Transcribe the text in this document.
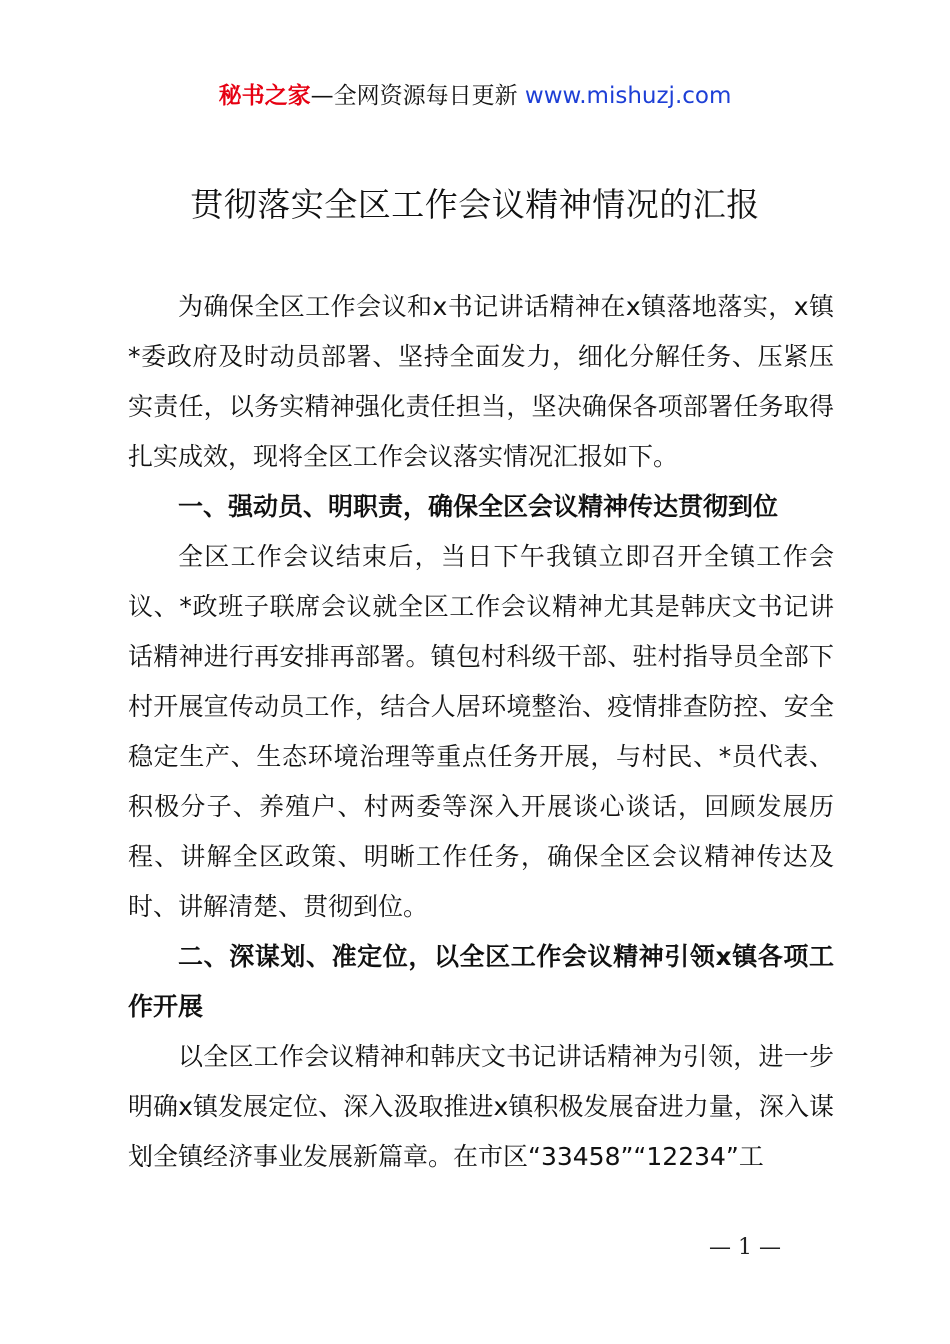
秘书之家—全网资源每日更新 www.mishuzj.com
贯彻落实全区工作会议精神情况的汇报

为确保全区工作会议和x书记讲话精神在x镇落地落实，x镇*委政府及时动员部署、坚持全面发力，细化分解任务、压紧压实责任，以务实精神强化责任担当，坚决确保各项部署任务取得扎实成效，现将全区工作会议落实情况汇报如下。

一、强动员、明职责，确保全区会议精神传达贯彻到位

全区工作会议结束后，当日下午我镇立即召开全镇工作会议、*政班子联席会议就全区工作会议精神尤其是韩庆文书记讲话精神进行再安排再部署。镇包村科级干部、驻村指导员全部下村开展宣传动员工作，结合人居环境整治、疫情排查防控、安全稳定生产、生态环境治理等重点任务开展，与村民、*员代表、积极分子、养殖户、村两委等深入开展谈心谈话，回顾发展历程、讲解全区政策、明晰工作任务，确保全区会议精神传达及时、讲解清楚、贯彻到位。

二、深谋划、准定位，以全区工作会议精神引领x镇各项工作开展

以全区工作会议精神和韩庆文书记讲话精神为引领，进一步明确x镇发展定位、深入汲取推进x镇积极发展奋进力量，深入谋划全镇经济事业发展新篇章。在市区“33458”“12234”工

— 1 —
